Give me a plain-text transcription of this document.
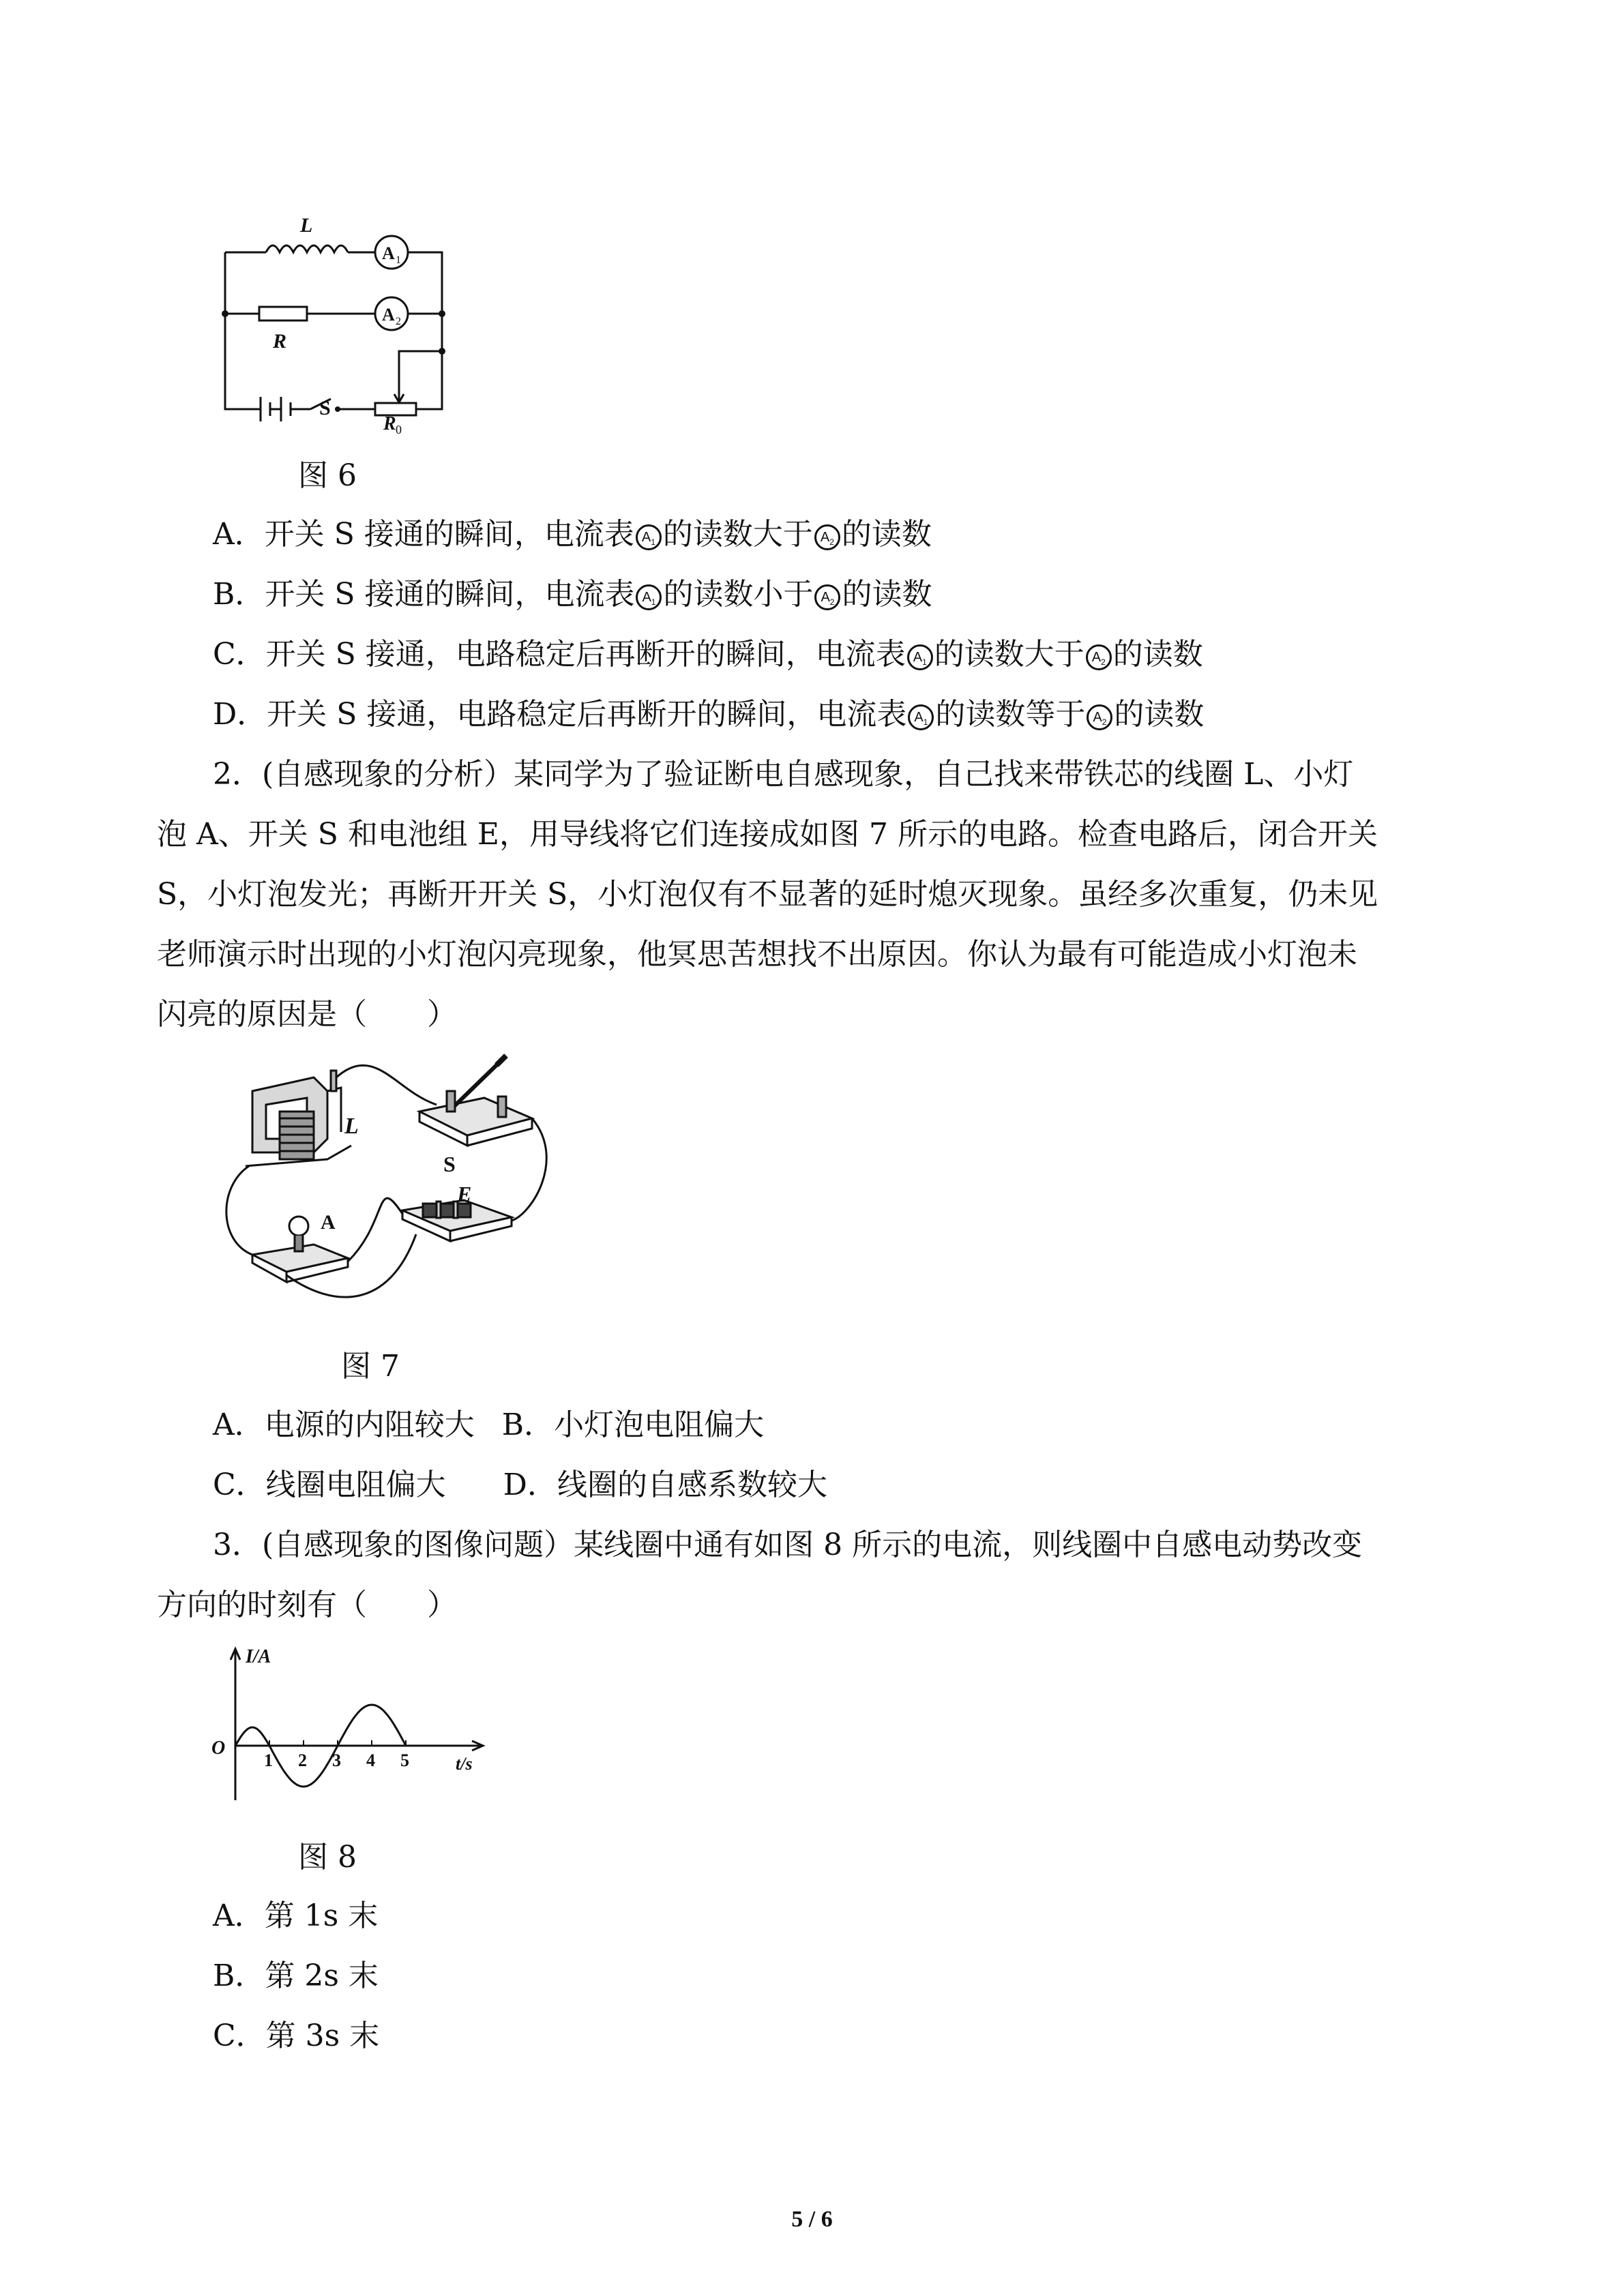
L
A 1
A 2
R
S
R 0
图 6
A．开关 S 接通的瞬间，电流表 $A_1$ 的读数大于 $A_2$ 的读数
B．开关 S 接通的瞬间，电流表 $A_1$ 的读数小于 $A_2$ 的读数
C．开关 S 接通，电路稳定后再断开的瞬间，电流表 $A_1$ 的读数大于 $A_2$ 的读数
D．开关 S 接通，电路稳定后再断开的瞬间，电流表 $A_1$ 的读数等于 $A_2$ 的读数
2．(自感现象的分析）某同学为了验证断电自感现象，自己找来带铁芯的线圈 L、小灯
泡 A、开关 S 和电池组 E，用导线将它们连接成如图 7 所示的电路。检查电路后，闭合开关
S，小灯泡发光；再断开开关 S，小灯泡仅有不显著的延时熄灭现象。虽经多次重复，仍未见
老师演示时出现的小灯泡闪亮现象，他冥思苦想找不出原因。你认为最有可能造成小灯泡未
闪亮的原因是（　　）
L
S
E
A
图 7
A．电源的内阻较大 B．小灯泡电阻偏大
C．线圈电阻偏大 D．线圈的自感系数较大
3．(自感现象的图像问题）某线圈中通有如图 8 所示的电流，则线圈中自感电动势改变
方向的时刻有（　　）
I/A
O
t/s
1 2 3 4 5
图 8
A．第 1s 末
B．第 2s 末
C．第 3s 末
5 / 6
